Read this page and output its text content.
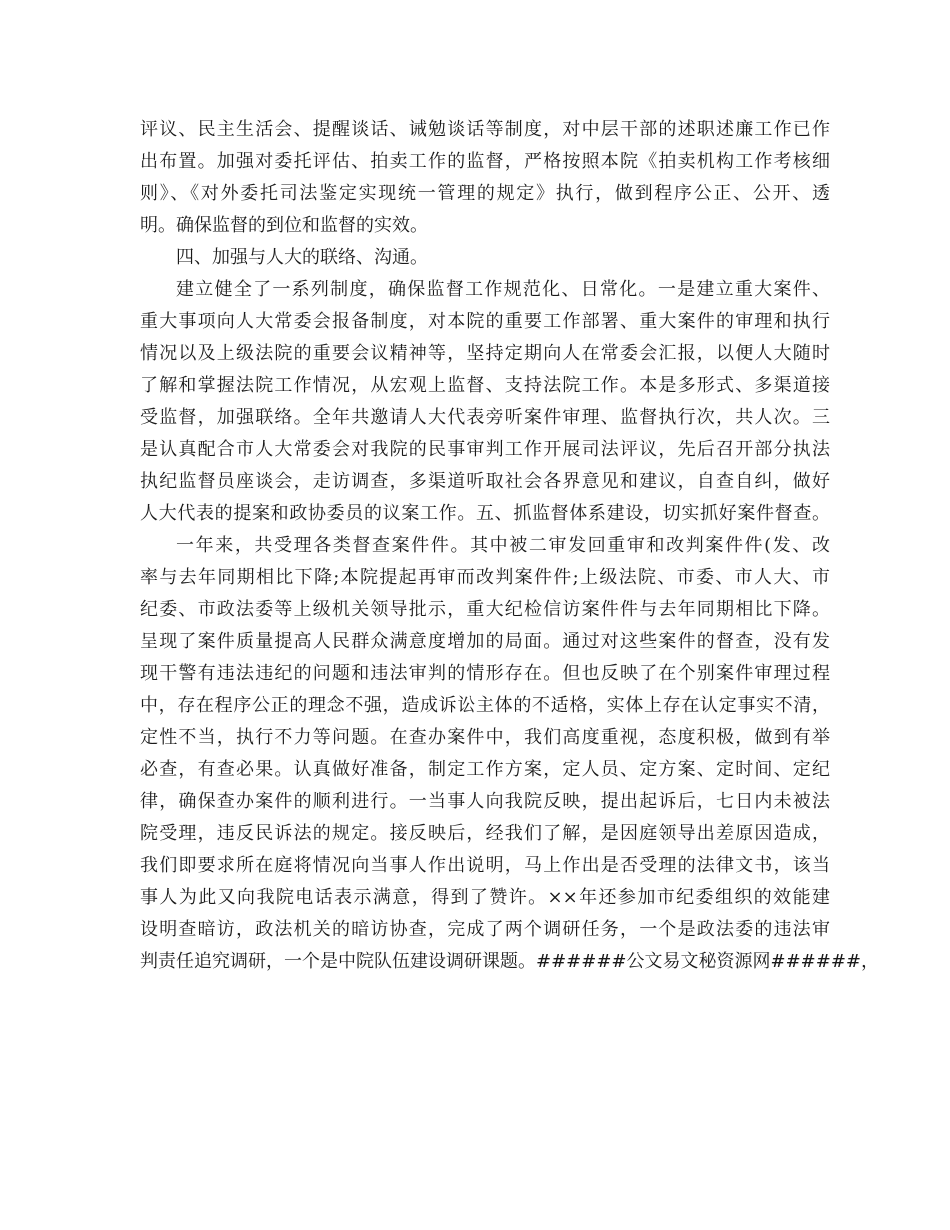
评议、民主生活会、提醒谈话、诫勉谈话等制度，对中层干部的述职述廉工作已作
出布置。加强对委托评估、拍卖工作的监督，严格按照本院《拍卖机构工作考核细
则》、《对外委托司法鉴定实现统一管理的规定》执行，做到程序公正、公开、透
明。确保监督的到位和监督的实效。
四、加强与人大的联络、沟通。
建立健全了一系列制度，确保监督工作规范化、日常化。一是建立重大案件、
重大事项向人大常委会报备制度，对本院的重要工作部署、重大案件的审理和执行
情况以及上级法院的重要会议精神等，坚持定期向人在常委会汇报，以便人大随时
了解和掌握法院工作情况，从宏观上监督、支持法院工作。本是多形式、多渠道接
受监督，加强联络。全年共邀请人大代表旁听案件审理、监督执行次，共人次。三
是认真配合市人大常委会对我院的民事审判工作开展司法评议，先后召开部分执法
执纪监督员座谈会，走访调查，多渠道听取社会各界意见和建议，自查自纠，做好
人大代表的提案和政协委员的议案工作。五、抓监督体系建设，切实抓好案件督查。
一年来，共受理各类督查案件件。其中被二审发回重审和改判案件件(发、改
率与去年同期相比下降;本院提起再审而改判案件件;上级法院、市委、市人大、市
纪委、市政法委等上级机关领导批示，重大纪检信访案件件与去年同期相比下降。
呈现了案件质量提高人民群众满意度增加的局面。通过对这些案件的督查，没有发
现干警有违法违纪的问题和违法审判的情形存在。但也反映了在个别案件审理过程
中，存在程序公正的理念不强，造成诉讼主体的不适格，实体上存在认定事实不清，
定性不当，执行不力等问题。在查办案件中，我们高度重视，态度积极，做到有举
必查，有查必果。认真做好准备，制定工作方案，定人员、定方案、定时间、定纪
律，确保查办案件的顺利进行。一当事人向我院反映，提出起诉后，七日内未被法
院受理，违反民诉法的规定。接反映后，经我们了解，是因庭领导出差原因造成，
我们即要求所在庭将情况向当事人作出说明，马上作出是否受理的法律文书，该当
事人为此又向我院电话表示满意，得到了赞许。××年还参加市纪委组织的效能建
设明查暗访，政法机关的暗访协查，完成了两个调研任务，一个是政法委的违法审
判责任追究调研，一个是中院队伍建设调研课题。######公文易文秘资源网######，
